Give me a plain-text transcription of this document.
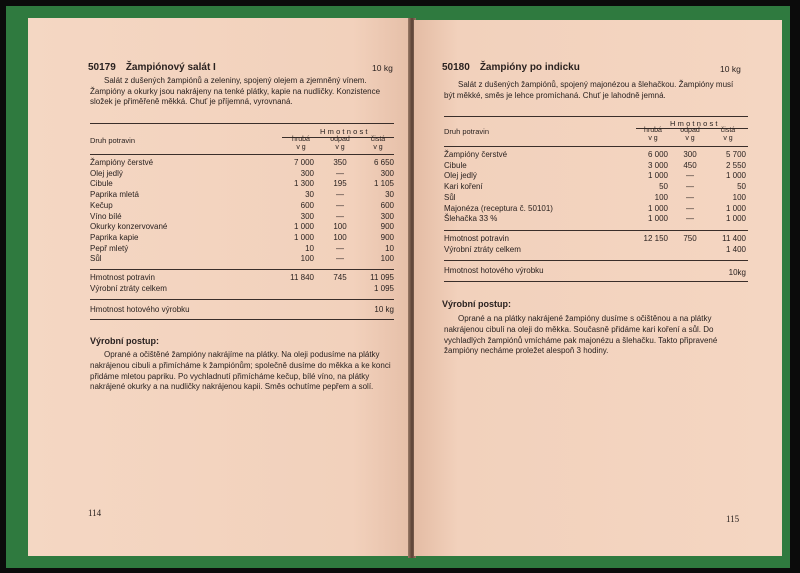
50179 Žampiónový salát I	10 kg

Salát z dušených žampiónů a zeleniny, spojený olejem a zjemněný vínem. Žampióny a okurky jsou nakrájeny na tenké plátky, kapie na nudličky. Konzistence složek je přiměřeně měkká. Chuť je příjemná, vyrovnaná.

Hmotnost
Druh potravin	hrubá	odpad	čistá
v g	v g	v g
Žampióny čerstvé	7 000	350	6 650
Olej jedlý	300	—	300
Cibule	1 300	195	1 105
Paprika mletá	30	—	30
Kečup	600	—	600
Víno bílé	300	—	300
Okurky konzervované	1 000	100	900
Paprika kapie	1 000	100	900
Pepř mletý	10	—	10
Sůl	100	—	100
Hmotnost potravin	11 840	745	11 095
Výrobní ztráty celkem	1 095
Hmotnost hotového výrobku	10 kg
Výrobní postup:

Oprané a očištěné žampióny nakrájíme na plátky. Na oleji podusíme na plátky nakrájenou cibuli a přimícháme k žampiónům; společně dusíme do měkka a ke konci přidáme mletou papriku. Po vychladnutí přimícháme kečup, bílé víno, na plátky nakrájené okurky a na nudličky nakrájenou kapii. Směs ochutíme pepřem a solí.

114
50180 Žampióny po indicku	10 kg

Salát z dušených žampiónů, spojený majonézou a šlehačkou. Žampióny musí být měkké, směs je lehce promíchaná. Chuť je lahodně jemná.

Hmotnost
Druh potravin	hrubá	odpad	čistá
v g	v g	v g
Žampióny čerstvé	6 000	300	5 700
Cibule	3 000	450	2 550
Olej jedlý	1 000	—	1 000
Kari koření	50	—	50
Sůl	100	—	100
Majonéza (receptura č. 50101)	1 000	—	1 000
Šlehačka 33 %	1 000	—	1 000
Hmotnost potravin	12 150	750	11 400
Výrobní ztráty celkem	1 400
Hmotnost hotového výrobku	10kg
Výrobní postup:

Oprané a na plátky nakrájené žampióny dusíme s očištěnou a na plátky nakrájenou cibulí na oleji do měkka. Současně přidáme kari koření a sůl. Do vychladlých žampiónů vmícháme pak majonézu a šlehačku. Takto připravené žampióny necháme proležet alespoň 3 hodiny.

115
